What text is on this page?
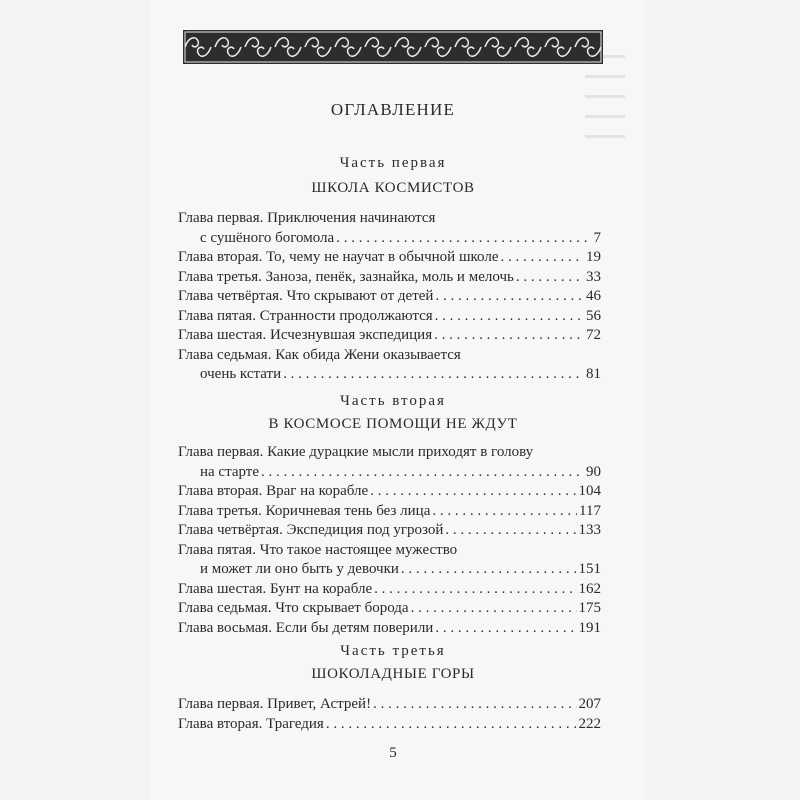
ОГЛАВЛЕНИЕ
Часть первая
ШКОЛА КОСМИСТОВ
Глава первая. Приключения начинаются
с сушёного богомола . . .	7
Глава вторая. То, чему не научат в обычной школе . . .	19
Глава третья. Заноза, пенёк, зазнайка, моль и мелочь . . .	33
Глава четвёртая. Что скрывают от детей . . .	46
Глава пятая. Странности продолжаются . . .	56
Глава шестая. Исчезнувшая экспедиция . . .	72
Глава седьмая. Как обида Жени оказывается
очень кстати . . .	81
Часть вторая
В КОСМОСЕ ПОМОЩИ НЕ ЖДУТ
Глава первая. Какие дурацкие мысли приходят в голову
на старте . . .	90
Глава вторая. Враг на корабле . . .	104
Глава третья. Коричневая тень без лица . . .	117
Глава четвёртая. Экспедиция под угрозой . . .	133
Глава пятая. Что такое настоящее мужество
и может ли оно быть у девочки . . .	151
Глава шестая. Бунт на корабле . . .	162
Глава седьмая. Что скрывает борода . . .	175
Глава восьмая. Если бы детям поверили . . .	191
Часть третья
ШОКОЛАДНЫЕ ГОРЫ
Глава первая. Привет, Астрей! . . .	207
Глава вторая. Трагедия . . .	222
5
